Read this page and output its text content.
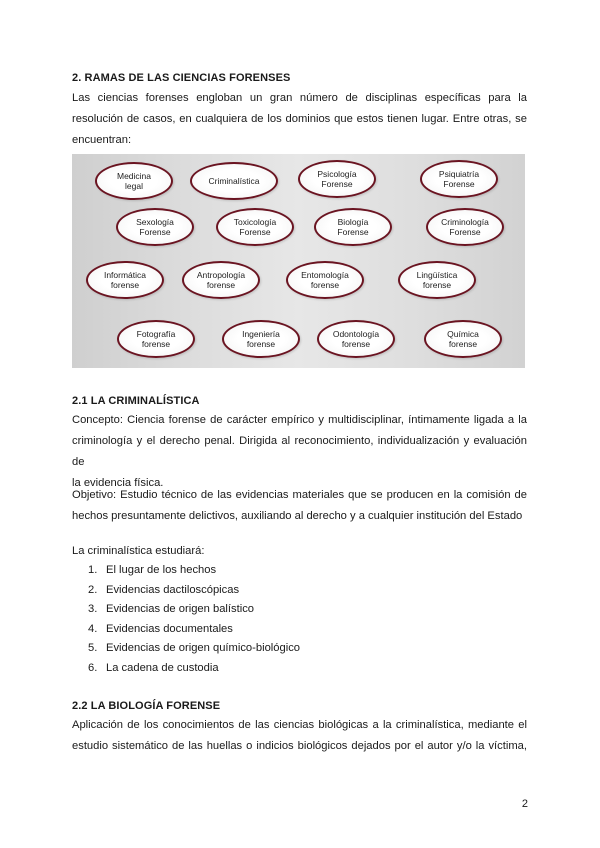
2. RAMAS DE LAS CIENCIAS FORENSES
Las ciencias forenses engloban un gran número de disciplinas específicas para la
resolución de casos, en cualquiera de los dominios que estos tienen lugar. Entre otras, se
encuentran:
Medicina
legal	Criminalística
Psicología
Forense
Psiquiatría
Forense
Sexología
Forense
Toxicología
Forense
Biología
Forense
Criminología
Forense
Informática
forense
Antropología
forense
Entomología
forense
Lingüística
forense
Fotografía
forense
Ingeniería
forense
Odontología
forense
Química
forense
2.1 LA CRIMINALÍSTICA
Concepto: Ciencia forense de carácter empírico y multidisciplinar, íntimamente ligada a la
criminología y el derecho penal. Dirigida al reconocimiento, individualización y evaluación de
la evidencia física.
Objetivo: Estudio técnico de las evidencias materiales que se producen en la comisión de
hechos presuntamente delictivos, auxiliando al derecho y a cualquier institución del Estado
La criminalística estudiará:
1. El lugar de los hechos
2. Evidencias dactiloscópicas
3. Evidencias de origen balístico
4. Evidencias documentales
5. Evidencias de origen químico-biológico
6. La cadena de custodia
2.2 LA BIOLOGÍA FORENSE
Aplicación de los conocimientos de las ciencias biológicas a la criminalística, mediante el
estudio sistemático de las huellas o indicios biológicos dejados por el autor y/o la víctima,
2
